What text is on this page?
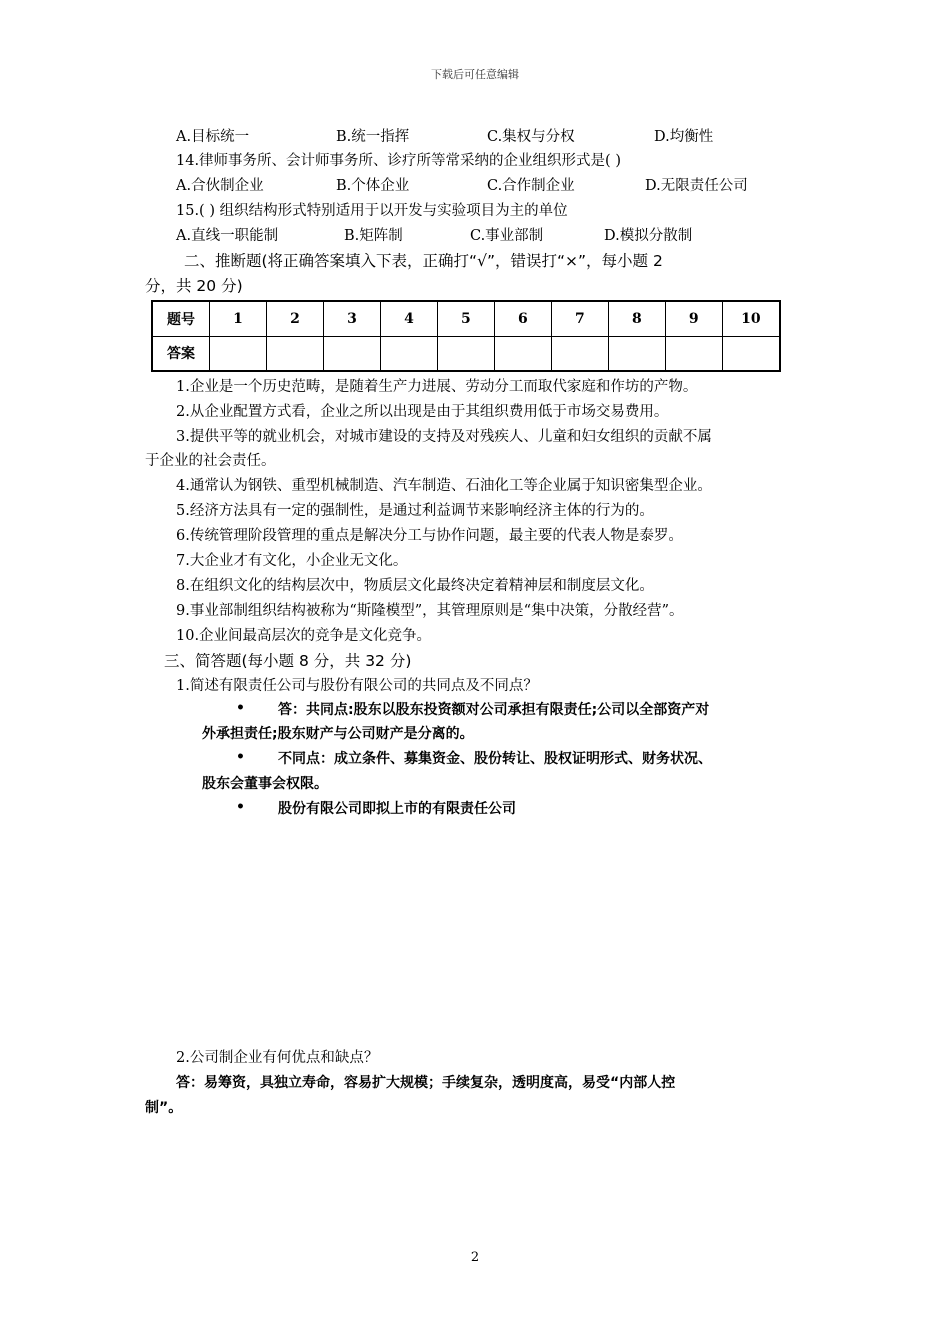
下载后可任意编辑
A.目标统一	B.统一指挥	C.集权与分权	D.均衡性
14.律师事务所、会计师事务所、诊疗所等常采纳的企业组织形式是( )
A.合伙制企业	B.个体企业	C.合作制企业	D.无限责任公司
15.( ) 组织结构形式特别适用于以开发与实验项目为主的单位
A.直线一职能制	B.矩阵制	C.事业部制	D.模拟分散制
二、推断题(将正确答案填入下表，正确打“√”，错误打“×”，每小题 2
分，共 20 分)
题号	1	2	3	4	5	6	7	8	9	10
答案										
1.企业是一个历史范畴，是随着生产力进展、劳动分工而取代家庭和作坊的产物。
2.从企业配置方式看，企业之所以出现是由于其组织费用低于市场交易费用。
3.提供平等的就业机会，对城市建设的支持及对残疾人、儿童和妇女组织的贡献不属
于企业的社会责任。
4.通常认为钢铁、重型机械制造、汽车制造、石油化工等企业属于知识密集型企业。
5.经济方法具有一定的强制性，是通过利益调节来影响经济主体的行为的。
6.传统管理阶段管理的重点是解决分工与协作问题，最主要的代表人物是泰罗。
7.大企业才有文化，小企业无文化。
8.在组织文化的结构层次中，物质层文化最终决定着精神层和制度层文化。
9.事业部制组织结构被称为“斯隆模型”，其管理原则是“集中决策，分散经营”。
10.企业间最高层次的竞争是文化竞争。
三、简答题(每小题 8 分，共 32 分)
1.简述有限责任公司与股份有限公司的共同点及不同点？
• 答：共同点:股东以股东投资额对公司承担有限责任;公司以全部资产对
外承担责任;股东财产与公司财产是分离的。
• 不同点：成立条件、募集资金、股份转让、股权证明形式、财务状况、
股东会董事会权限。
• 股份有限公司即拟上市的有限责任公司
2.公司制企业有何优点和缺点？
答：易筹资，具独立寿命，容易扩大规模；手续复杂，透明度高，易受“内部人控
制”。
2
